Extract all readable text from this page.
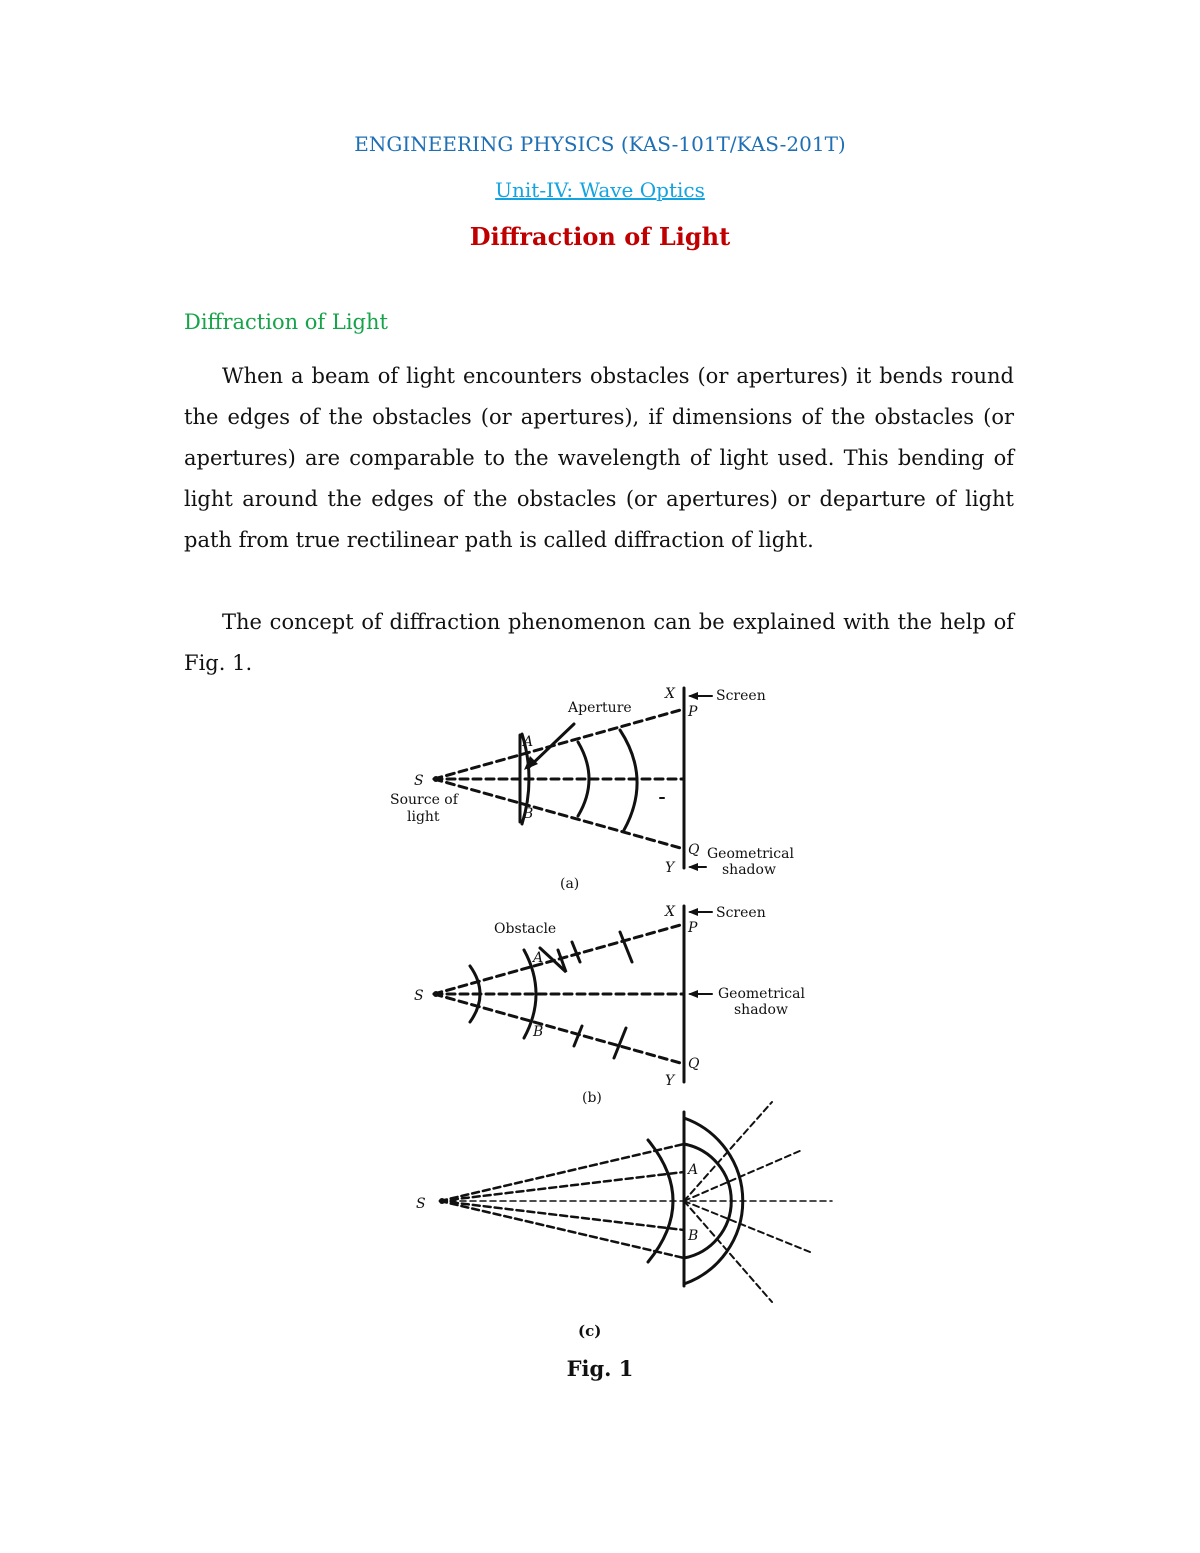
ENGINEERING PHYSICS (KAS-101T/KAS-201T)
Unit-IV: Wave Optics
Diffraction of Light
Diffraction of Light

When a beam of light encounters obstacles (or apertures) it bends round the edges of the obstacles (or apertures), if dimensions of the obstacles (or apertures) are comparable to the wavelength of light used. This bending of light around the edges of the obstacles (or apertures) or departure of light path from true rectilinear path is called diffraction of light.

The concept of diffraction phenomenon can be explained with the help of Fig. 1.

S
Source of
light
Aperture
A
B
X	Screen
P
Q
Y
Geometrical
shadow
(a)
S
Obstacle
A
B
X	Screen
P
Geometrical
shadow
Q
Y
(b)
S
A
B
(c)
Fig. 1
